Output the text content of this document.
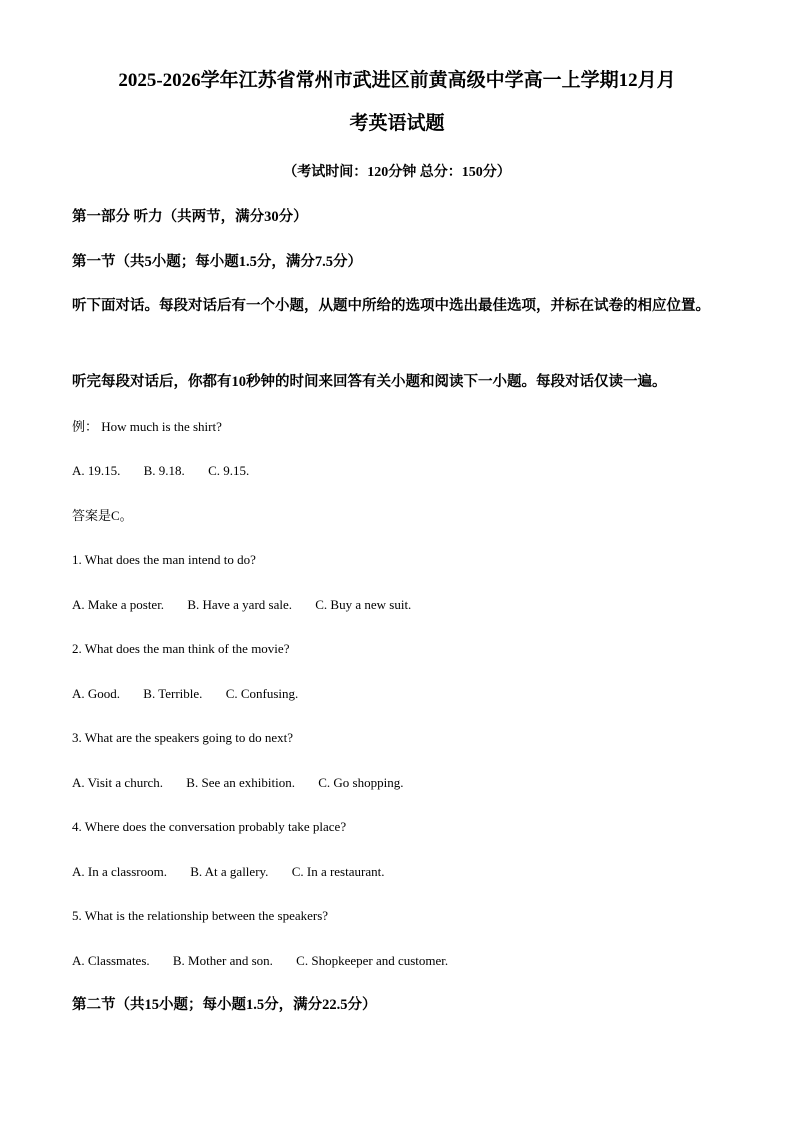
2025-2026学年江苏省常州市武进区前黄高级中学高一上学期12月月
考英语试题
（考试时间：120分钟 总分：150分）
第一部分 听力（共两节，满分30分）
第一节（共5小题；每小题1.5分，满分7.5分）
听下面对话。每段对话后有一个小题，从题中所给的选项中选出最佳选项，并标在试卷的相应位置。
听完每段对话后，你都有10秒钟的时间来回答有关小题和阅读下一小题。每段对话仅读一遍。
例： How much is the shirt?
A. 19.15. B. 9.18. C. 9.15.
答案是C。
1. What does the man intend to do?
A. Make a poster. B. Have a yard sale. C. Buy a new suit.
2. What does the man think of the movie?
A. Good. B. Terrible. C. Confusing.
3. What are the speakers going to do next?
A. Visit a church. B. See an exhibition. C. Go shopping.
4. Where does the conversation probably take place?
A. In a classroom. B. At a gallery. C. In a restaurant.
5. What is the relationship between the speakers?
A. Classmates. B. Mother and son. C. Shopkeeper and customer.
第二节（共15小题；每小题1.5分，满分22.5分）
